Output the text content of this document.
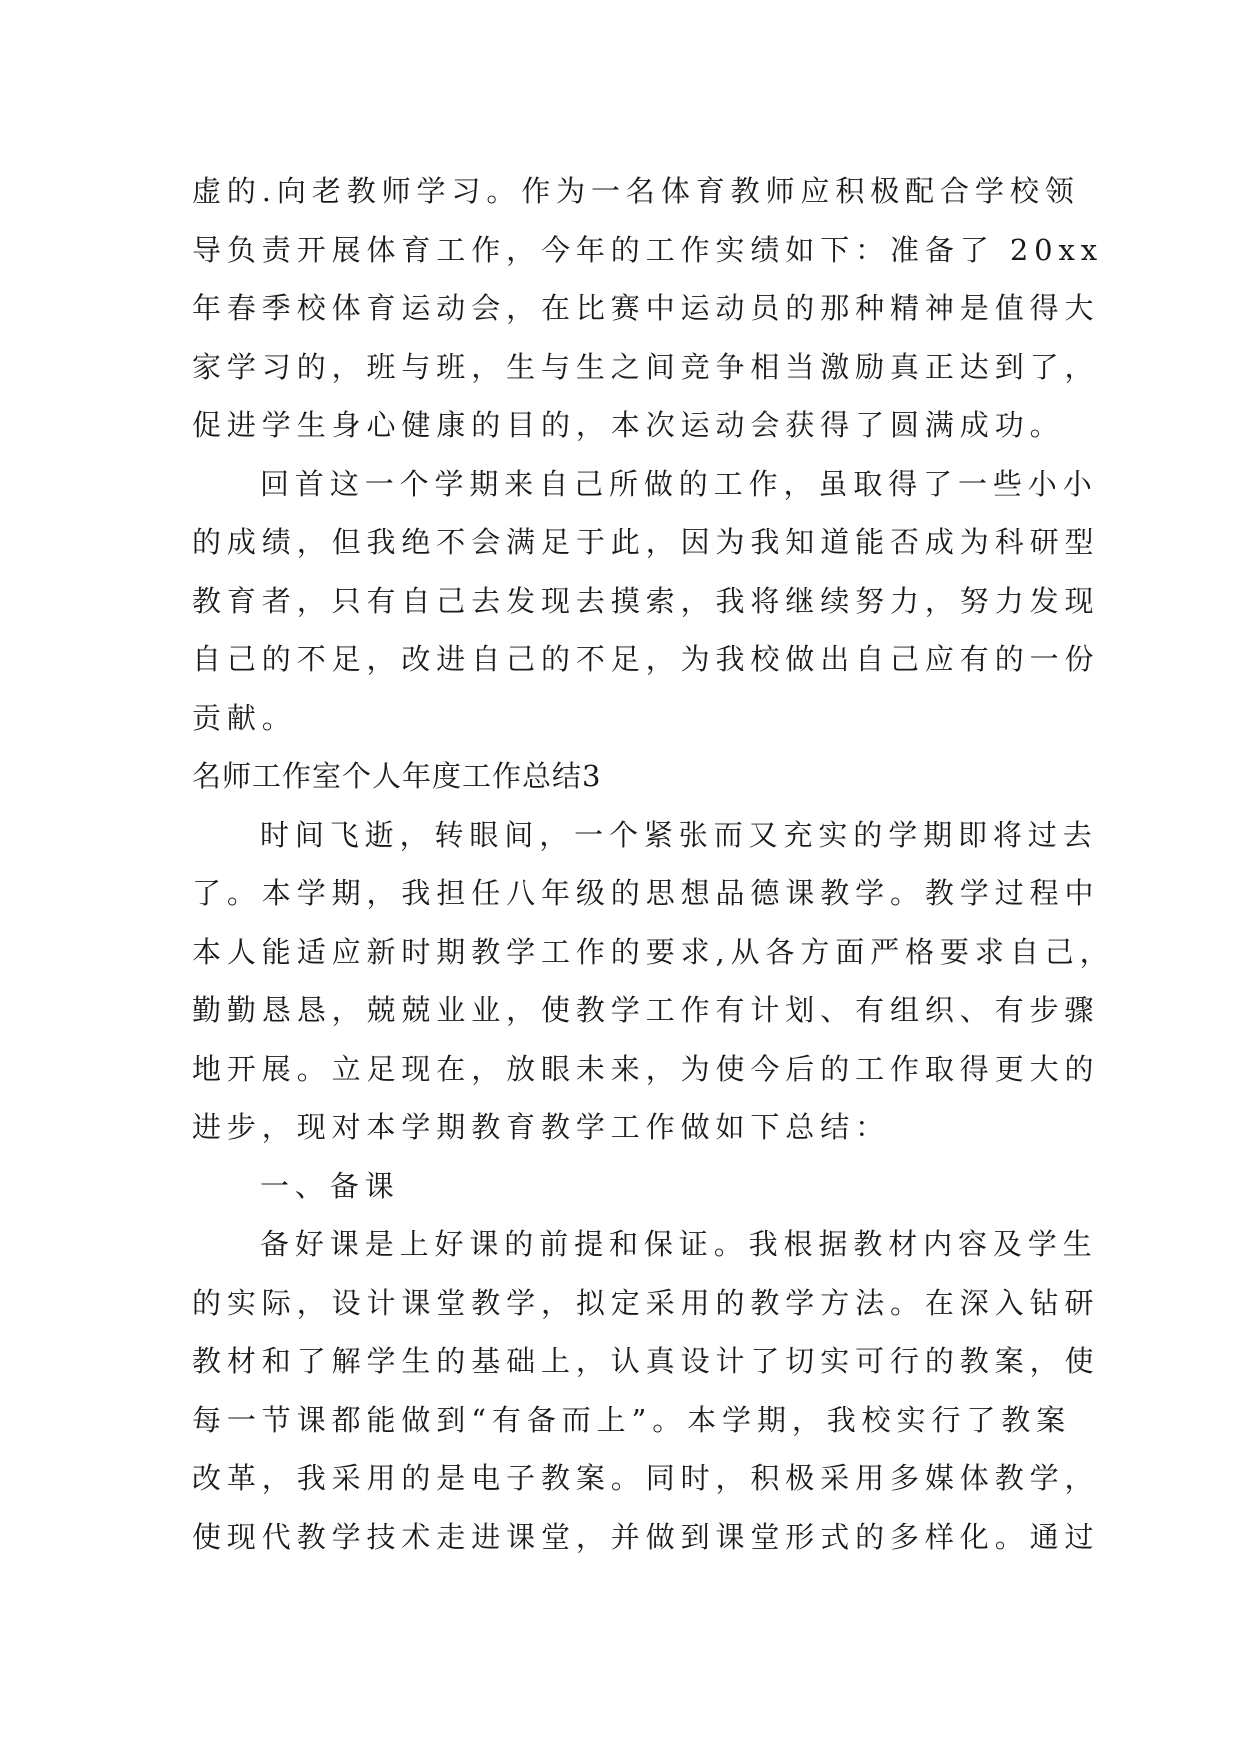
虚的.向老教师学习。作为一名体育教师应积极配合学校领
导负责开展体育工作，今年的工作实绩如下：准备了 20xx
年春季校体育运动会，在比赛中运动员的那种精神是值得大
家学习的，班与班，生与生之间竞争相当激励真正达到了，
促进学生身心健康的目的，本次运动会获得了圆满成功。
回首这一个学期来自己所做的工作，虽取得了一些小小
的成绩，但我绝不会满足于此，因为我知道能否成为科研型
教育者，只有自己去发现去摸索，我将继续努力，努力发现
自己的不足，改进自己的不足，为我校做出自己应有的一份
贡献。
名师工作室个人年度工作总结3
时间飞逝，转眼间，一个紧张而又充实的学期即将过去
了。本学期，我担任八年级的思想品德课教学。教学过程中
本人能适应新时期教学工作的要求,从各方面严格要求自己，
勤勤恳恳，兢兢业业，使教学工作有计划、有组织、有步骤
地开展。立足现在，放眼未来，为使今后的工作取得更大的
进步，现对本学期教育教学工作做如下总结：
一、备课
备好课是上好课的前提和保证。我根据教材内容及学生
的实际，设计课堂教学，拟定采用的教学方法。在深入钻研
教材和了解学生的基础上，认真设计了切实可行的教案，使
每一节课都能做到“有备而上”。本学期，我校实行了教案
改革，我采用的是电子教案。同时，积极采用多媒体教学，
使现代教学技术走进课堂，并做到课堂形式的多样化。通过
